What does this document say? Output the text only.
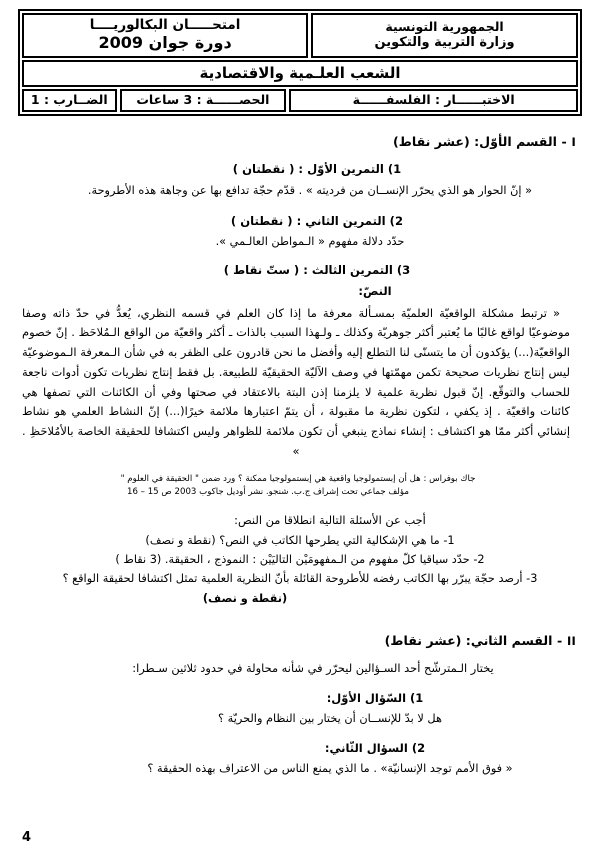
الجمهورية التونسية
وزارة التربية والتكوين
امتحـــــان البكالوريــــا
دورة جوان 2009
الشعب العلـمية والاقتصادية
الاختبــــــار : الفلسفــــــة
الحصــــــة : 3 ساعات
الضــارب : 1
I - القسم الأوّل: (عشر نقاط)
1) التمرين الأوّل : ( نقطتان )
« إنّ الحوار هو الذي يحرّر الإنســان من فرديته » . قدّم حجّة تدافع بها عن وجاهة هذه الأطروحة.
2) التمرين الثاني : ( نقطتان )
حدّد دلالة مفهوم « الـمواطن العالـمي ».
3) التمرين الثالث : ( ستّ نقاط )
النصّ:
« ترتبط مشكلة الواقعيّة العلميّة بمسـألة معرفة ما إذا كان العلم في قسمه النظري، يُعدُّ في حدّ ذاته وصفا موضوعيّا لواقع غالبًا ما يُعتبر أكثر جوهريّة وكذلك ـ ولـهذا السبب بالذات ـ أكثر واقعيّة من الواقع الـمُلاحَظ . إنّ خصوم الواقعيّة(...) يؤكدون أن ما يتسنّى لنا التطلع إليه وأفضل ما نحن قادرون على الظفر به في شأن الـمعرفة الـموضوعيّة ليس إنتاج نظريات صحيحة تكمن مهمّتها في وصف الآليّة الحقيقيّة للطبيعة. بل فقط إنتاج نظريات تكون أدوات ناجعة للحساب والتوقّع. إنّ قبول نظرية علمية لا يلزمنا إذن البتة بالاعتقاد في صحتها وفي أن الكائنات التي تصفها هي كائنات واقعيّة . إذ يكفي ، لتكون نظرية ما مقبولة ، أن يتمّ اعتبارها ملائمة خيرًا(...) إنّ النشاط العلمي هو نشاط إنشائي أكثر ممّا هو اكتشاف : إنشاء نماذج ينبغي أن تكون ملائمة للظواهر وليس اكتشافا للحقيقة الخاصة بالأمُلاحَظِ . »
جاك بوفراس : هل أن إبستمولوجيا واقعية هي إبستمولوجيا ممكنة ؟ ورد ضمن " الحقيقة في العلوم "
مؤلف جماعي تحت إشراف ج.ب. شنجو. نشر أوديل جاكوب 2003 ص 15 – 16
أجب عن الأسئلة التالية انطلاقا من النص:
1- ما هي الإشكالية التي يطرحها الكاتب في النص؟ (نقطة و نصف)
2- حدّد سياقيا كلّ مفهوم من الـمفهومَيْن التاليَيْن : النموذج ، الحقيقة. (3 نقاط )
3- أرصد حجّة يبرّر بها الكاتب رفضه للأطروحة القائلة بأنّ النظرية العلمية تمثل اكتشافا لحقيقة الواقع ؟
(نقطة و نصف)
II - القسم الثاني: (عشر نقاط)
يختار الـمترشّح أحد السـؤالين ليحرّر في شأنه محاولة في حدود ثلاثين سـطرا:
1) السّؤال الأوّل:
هل لا بدّ للإنســان أن يختار بين النظام والحريّة ؟
2) السؤال الثّاني:
« فوق الأمم توجد الإنسانيّة» . ما الذي يمنع الناس من الاعتراف بهذه الحقيقة ؟
4
